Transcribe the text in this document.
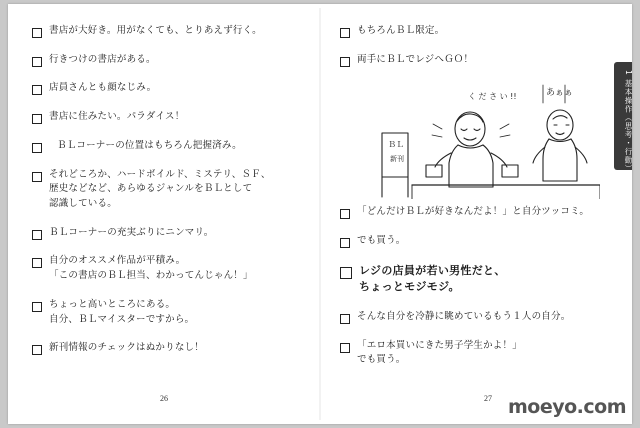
書店が大好き。用がなくても、とりあえず行く。
行きつけの書店がある。
店員さんとも顔なじみ。
書店に住みたい。パラダイス！
ＢＬコーナーの位置はもちろん把握済み。
それどころか、ハードボイルド、ミステリ、ＳＦ、
歴史などなど、あらゆるジャンルをＢＬとして
認識している。
ＢＬコーナーの充実ぶりにニンマリ。
自分のオススメ作品が平積み。
「この書店のＢＬ担当、わかってんじゃん！」
ちょっと高いところにある。
自分、ＢＬマイスターですから。
新刊情報のチェックはぬかりなし！
もちろんＢＬ限定。
両手にＢＬでレジへＧＯ！
あぁぁ
く だ さ い !!
ＢＬ
新刊
「どんだけＢＬが好きなんだよ！」と自分ツッコミ。
でも買う。
レジの店員が若い男性だと、
ちょっとモジモジ。
そんな自分を冷静に眺めているもう１人の自分。
「エロ本買いにきた男子学生かよ！」
でも買う。
26	27
1 基本操作（思考・行動）
moeyo.com
